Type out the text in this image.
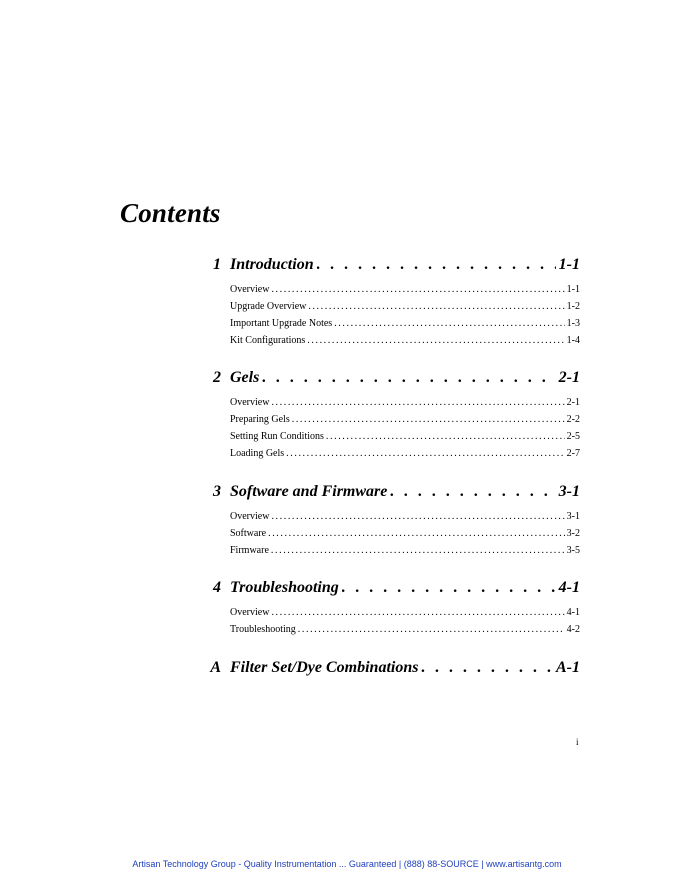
Contents
1 Introduction . . .	1-1
Overview .....	1-1
Upgrade Overview .....	1-2
Important Upgrade Notes .....	1-3
Kit Configurations .....	1-4
2 Gels . . .	2-1
Overview .....	2-1
Preparing Gels .....	2-2
Setting Run Conditions .....	2-5
Loading Gels .....	2-7
3 Software and Firmware . . .	3-1
Overview .....	3-1
Software .....	3-2
Firmware .....	3-5
4 Troubleshooting . . .	4-1
Overview .....	4-1
Troubleshooting .....	4-2
A Filter Set/Dye Combinations . . .	A-1
i
Artisan Technology Group - Quality Instrumentation ... Guaranteed | (888) 88-SOURCE | www.artisantg.com
